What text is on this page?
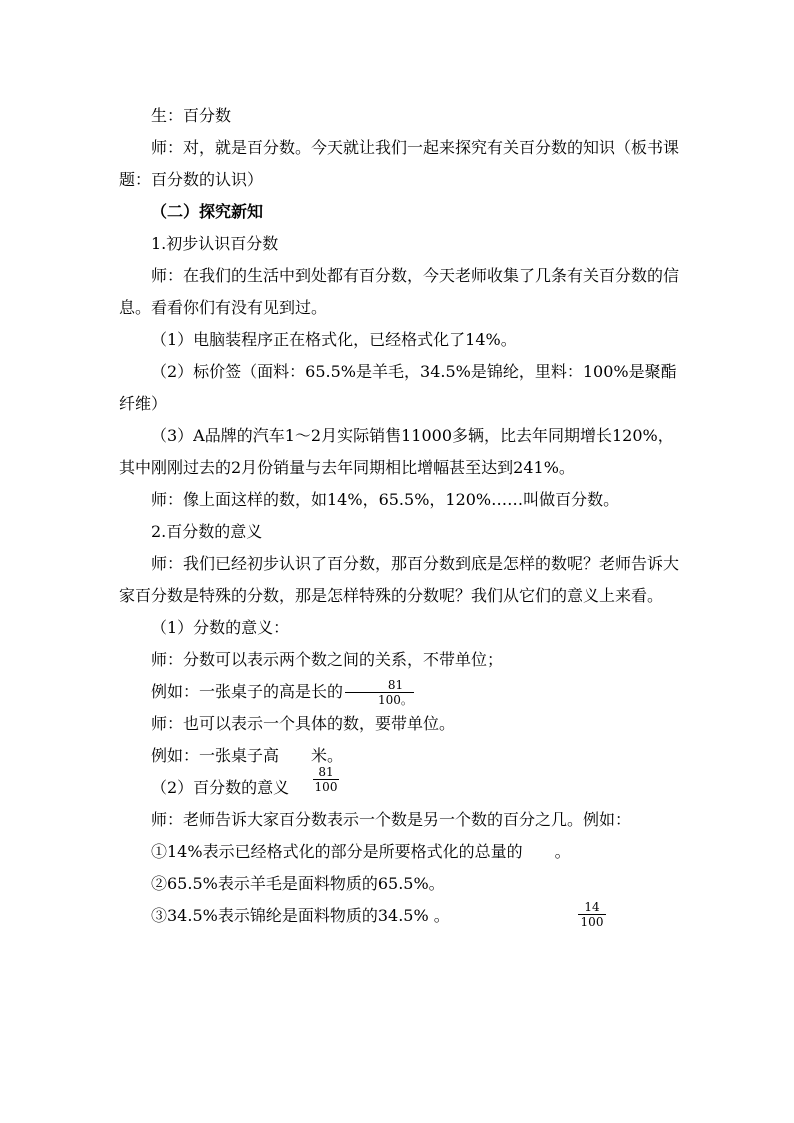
生：百分数

师：对，就是百分数。今天就让我们一起来探究有关百分数的知识（板书课题：百分数的认识）

（二）探究新知

1.初步认识百分数

师：在我们的生活中到处都有百分数，今天老师收集了几条有关百分数的信息。看看你们有没有见到过。

（1）电脑装程序正在格式化，已经格式化了14%。

（2）标价签（面料：65.5%是羊毛，34.5%是锦纶，里料：100%是聚酯纤维）

（3）A品牌的汽车1～2月实际销售11000多辆，比去年同期增长120%，其中刚刚过去的2月份销量与去年同期相比增幅甚至达到241%。

师：像上面这样的数，如14%，65.5%，120%……叫做百分数。

2.百分数的意义

师：我们已经初步认识了百分数，那百分数到底是怎样的数呢？老师告诉大家百分数是特殊的分数，那是怎样特殊的分数呢？我们从它们的意义上来看。

（1）分数的意义：

师：分数可以表示两个数之间的关系，不带单位；

例如：一张桌子的高是长的 $\frac{81}{100。}$

师：也可以表示一个具体的数，要带单位。

例如：一张桌子高 米。

（2）百分数的意义

师：老师告诉大家百分数表示一个数是另一个数的百分之几。例如：

①14%表示已经格式化的部分是所要格式化的总量的 。

②65.5%表示羊毛是面料物质的65.5%。

③34.5%表示锦纶是面料物质的34.5% 。

$\frac{81}{100}$
$\frac{14}{100}$
